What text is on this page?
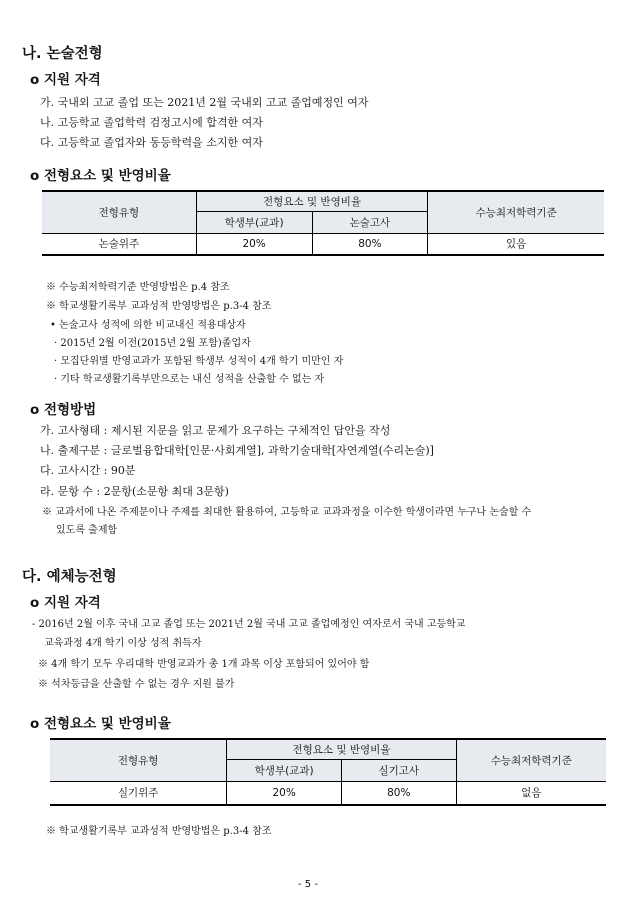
나. 논술전형
o 지원 자격
가. 국내외 고교 졸업 또는 2021년 2월 국내외 고교 졸업예정인 여자
나. 고등학교 졸업학력 검정고시에 합격한 여자
다. 고등학교 졸업자와 동등학력을 소지한 여자
o 전형요소 및 반영비율
전형유형	전형요소 및 반영비율		수능최저학력기준
	학생부(교과)	논술고사	
논술위주	20%	80%	있음
※ 수능최저학력기준 반영방법은 p.4 참조
※ 학교생활기록부 교과성적 반영방법은 p.3-4 참조
• 논술고사 성적에 의한 비교내신 적용대상자
· 2015년 2월 이전(2015년 2월 포함)졸업자
· 모집단위별 반영교과가 포함된 학생부 성적이 4개 학기 미만인 자
· 기타 학교생활기록부만으로는 내신 성적을 산출할 수 없는 자
o 전형방법
가. 고사형태 : 제시된 지문을 읽고 문제가 요구하는 구체적인 답안을 작성
나. 출제구분 : 글로벌융합대학[인문·사회계열], 과학기술대학[자연계열(수리논술)]
다. 고사시간 : 90분
라. 문항 수 : 2문항(소문항 최대 3문항)
※ 교과서에 나온 주제문이나 주제를 최대한 활용하여, 고등학교 교과과정을 이수한 학생이라면 누구나 논술할 수
있도록 출제함
다. 예체능전형
o 지원 자격
- 2016년 2월 이후 국내 고교 졸업 또는 2021년 2월 국내 고교 졸업예정인 여자로서 국내 고등학교
교육과정 4개 학기 이상 성적 취득자
※ 4개 학기 모두 우리대학 반영교과가 총 1개 과목 이상 포함되어 있어야 함
※ 석차등급을 산출할 수 없는 경우 지원 불가
o 전형요소 및 반영비율
전형유형	전형요소 및 반영비율		수능최저학력기준
	학생부(교과)	실기고사	
실기위주	20%	80%	없음
※ 학교생활기록부 교과성적 반영방법은 p.3-4 참조
- 5 -
